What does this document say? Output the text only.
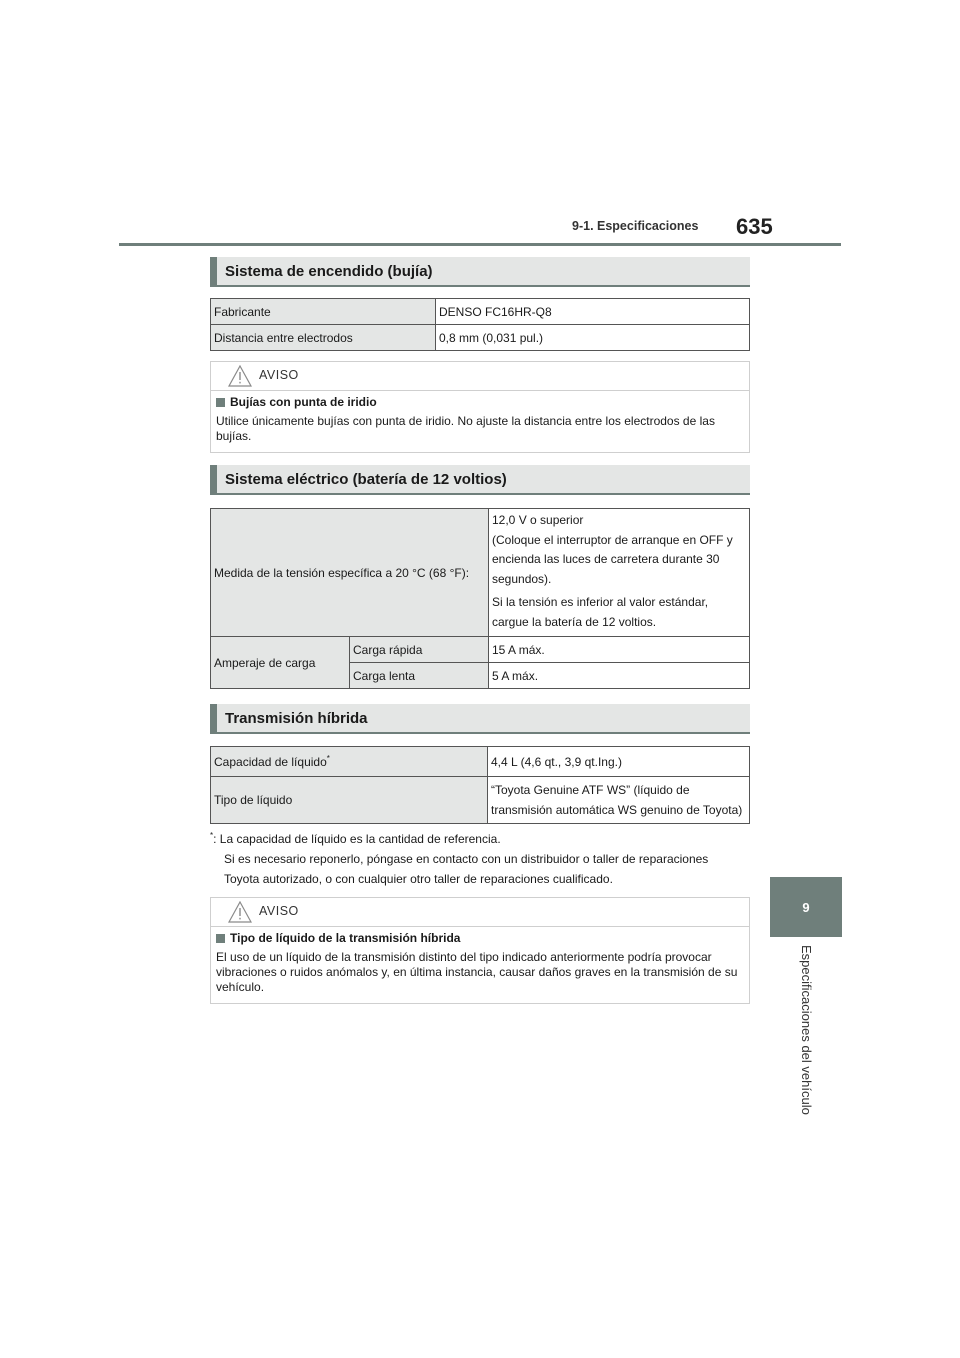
9-1. Especificaciones 635
9
Especificaciones del vehículo
Sistema de encendido (bujía)
Fabricante	DENSO FC16HR-Q8
Distancia entre electrodos	0,8 mm (0,031 pul.)
AVISO
Bujías con punta de iridio
Utilice únicamente bujías con punta de iridio. No ajuste la distancia entre los electrodos de las bujías.
Sistema eléctrico (batería de 12 voltios)
Medida de la tensión específica a 20 °C (68 °F):		12,0 V o superior
(Coloque el interruptor de arranque en OFF y encienda las luces de carretera durante 30 segundos).
Si la tensión es inferior al valor estándar, cargue la batería de 12 voltios.

Amperaje de carga	Carga rápida	15 A máx.
	Carga lenta	5 A máx.
Transmisión híbrida
Capacidad de líquido*	4,4 L (4,6 qt., 3,9 qt.Ing.)
Tipo de líquido	“Toyota Genuine ATF WS” (líquido de transmisión automática WS genuino de Toyota)
*: La capacidad de líquido es la cantidad de referencia.
Si es necesario reponerlo, póngase en contacto con un distribuidor o taller de reparaciones
Toyota autorizado, o con cualquier otro taller de reparaciones cualificado.
AVISO
Tipo de líquido de la transmisión híbrida
El uso de un líquido de la transmisión distinto del tipo indicado anteriormente podría provocar vibraciones o ruidos anómalos y, en última instancia, causar daños graves en la transmisión de su vehículo.
